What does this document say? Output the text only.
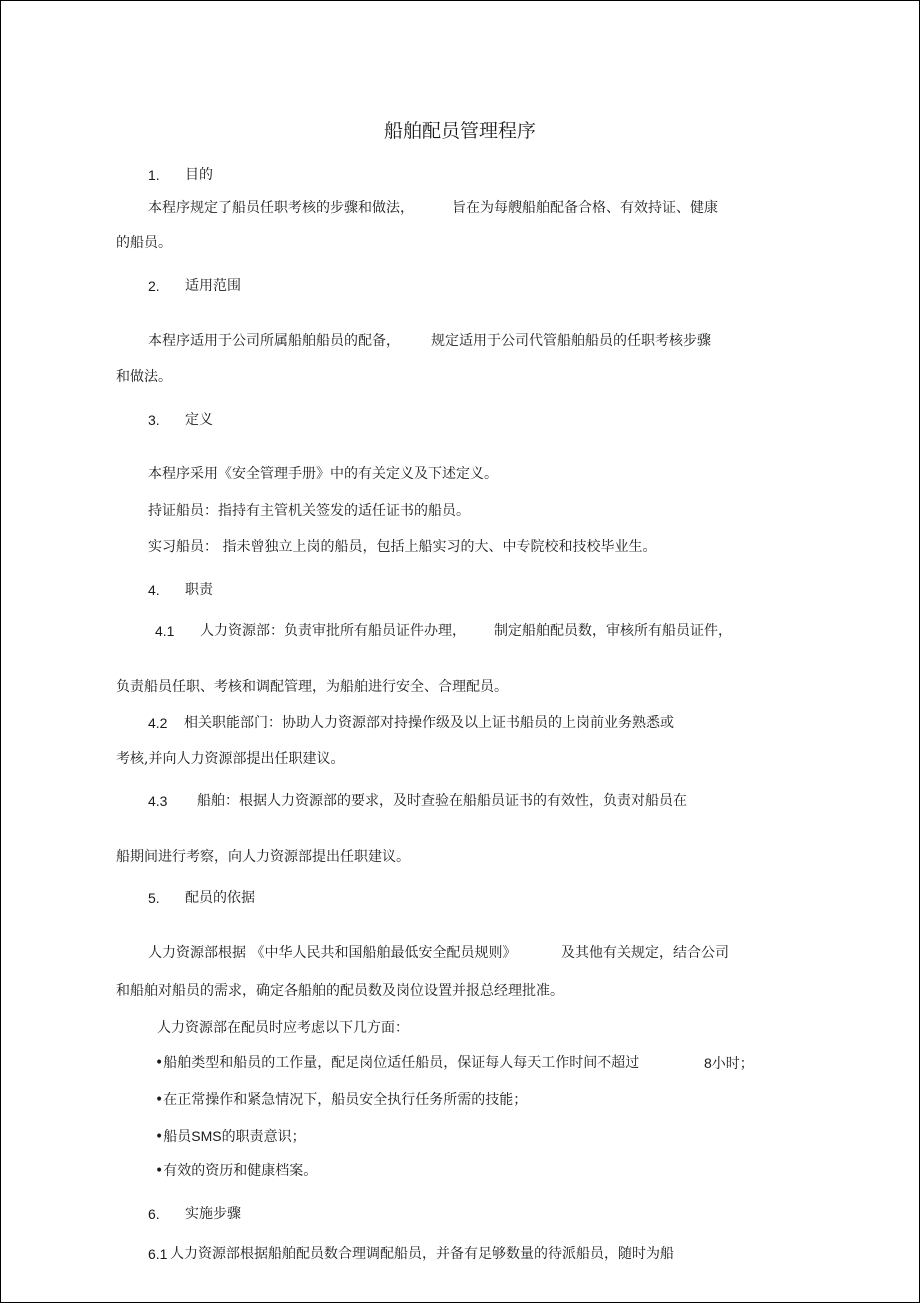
船舶配员管理程序
1. 目的
本程序规定了船员任职考核的步骤和做法，	旨在为每艘船舶配备合格、有效持证、健康
的船员。
2. 适用范围
本程序适用于公司所属船舶船员的配备， 规定适用于公司代管船舶船员的任职考核步骤
和做法。
3. 定义
本程序采用《安全管理手册》中的有关定义及下述定义。
持证船员：指持有主管机关签发的适任证书的船员。
实习船员： 指未曾独立上岗的船员，包括上船实习的大、中专院校和技校毕业生。
4. 职责
4.1 人力资源部：负责审批所有船员证件办理， 制定船舶配员数，审核所有船员证件，
负责船员任职、考核和调配管理，为船舶进行安全、合理配员。
4.2 相关职能部门：协助人力资源部对持操作级及以上证书船员的上岗前业务熟悉或
考核,并向人力资源部提出任职建议。
4.3 船舶：根据人力资源部的要求，及时查验在船船员证书的有效性，负责对船员在
船期间进行考察，向人力资源部提出任职建议。
5. 配员的依据
人力资源部根据 《中华人民共和国船舶最低安全配员规则》	及其他有关规定，结合公司
和船舶对船员的需求，确定各船舶的配员数及岗位设置并报总经理批准。
人力资源部在配员时应考虑以下几方面：
•船舶类型和船员的工作量，配足岗位适任船员，保证每人每天工作时间不超过	8小时；
•在正常操作和紧急情况下，船员安全执行任务所需的技能；
•船员SMS的职责意识；
•有效的资历和健康档案。
6. 实施步骤
6.1 人力资源部根据船舶配员数合理调配船员，并备有足够数量的待派船员，随时为船
